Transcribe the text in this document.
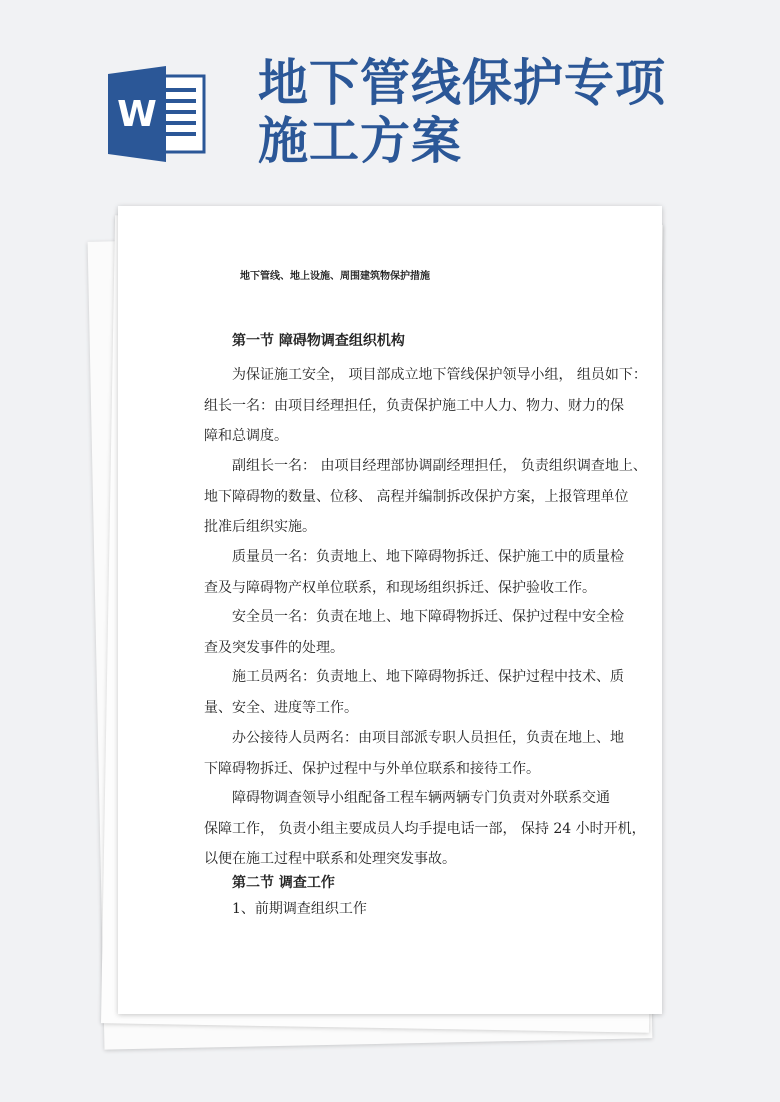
W
地下管线保护专项
施工方案
地下管线、地上设施、周围建筑物保护措施
第一节 障碍物调查组织机构
为保证施工安全， 项目部成立地下管线保护领导小组， 组员如下：
组长一名：由项目经理担任，负责保护施工中人力、物力、财力的保
障和总调度。
副组长一名： 由项目经理部协调副经理担任， 负责组织调查地上、
地下障碍物的数量、位移、 高程并编制拆改保护方案，上报管理单位
批准后组织实施。
质量员一名：负责地上、地下障碍物拆迁、保护施工中的质量检
查及与障碍物产权单位联系，和现场组织拆迁、保护验收工作。
安全员一名：负责在地上、地下障碍物拆迁、保护过程中安全检
查及突发事件的处理。
施工员两名：负责地上、地下障碍物拆迁、保护过程中技术、质
量、安全、进度等工作。
办公接待人员两名：由项目部派专职人员担任，负责在地上、地
下障碍物拆迁、保护过程中与外单位联系和接待工作。
障碍物调查领导小组配备工程车辆两辆专门负责对外联系交通
保障工作， 负责小组主要成员人均手提电话一部， 保持 24 小时开机，
以便在施工过程中联系和处理突发事故。
第二节 调查工作
1、前期调查组织工作
